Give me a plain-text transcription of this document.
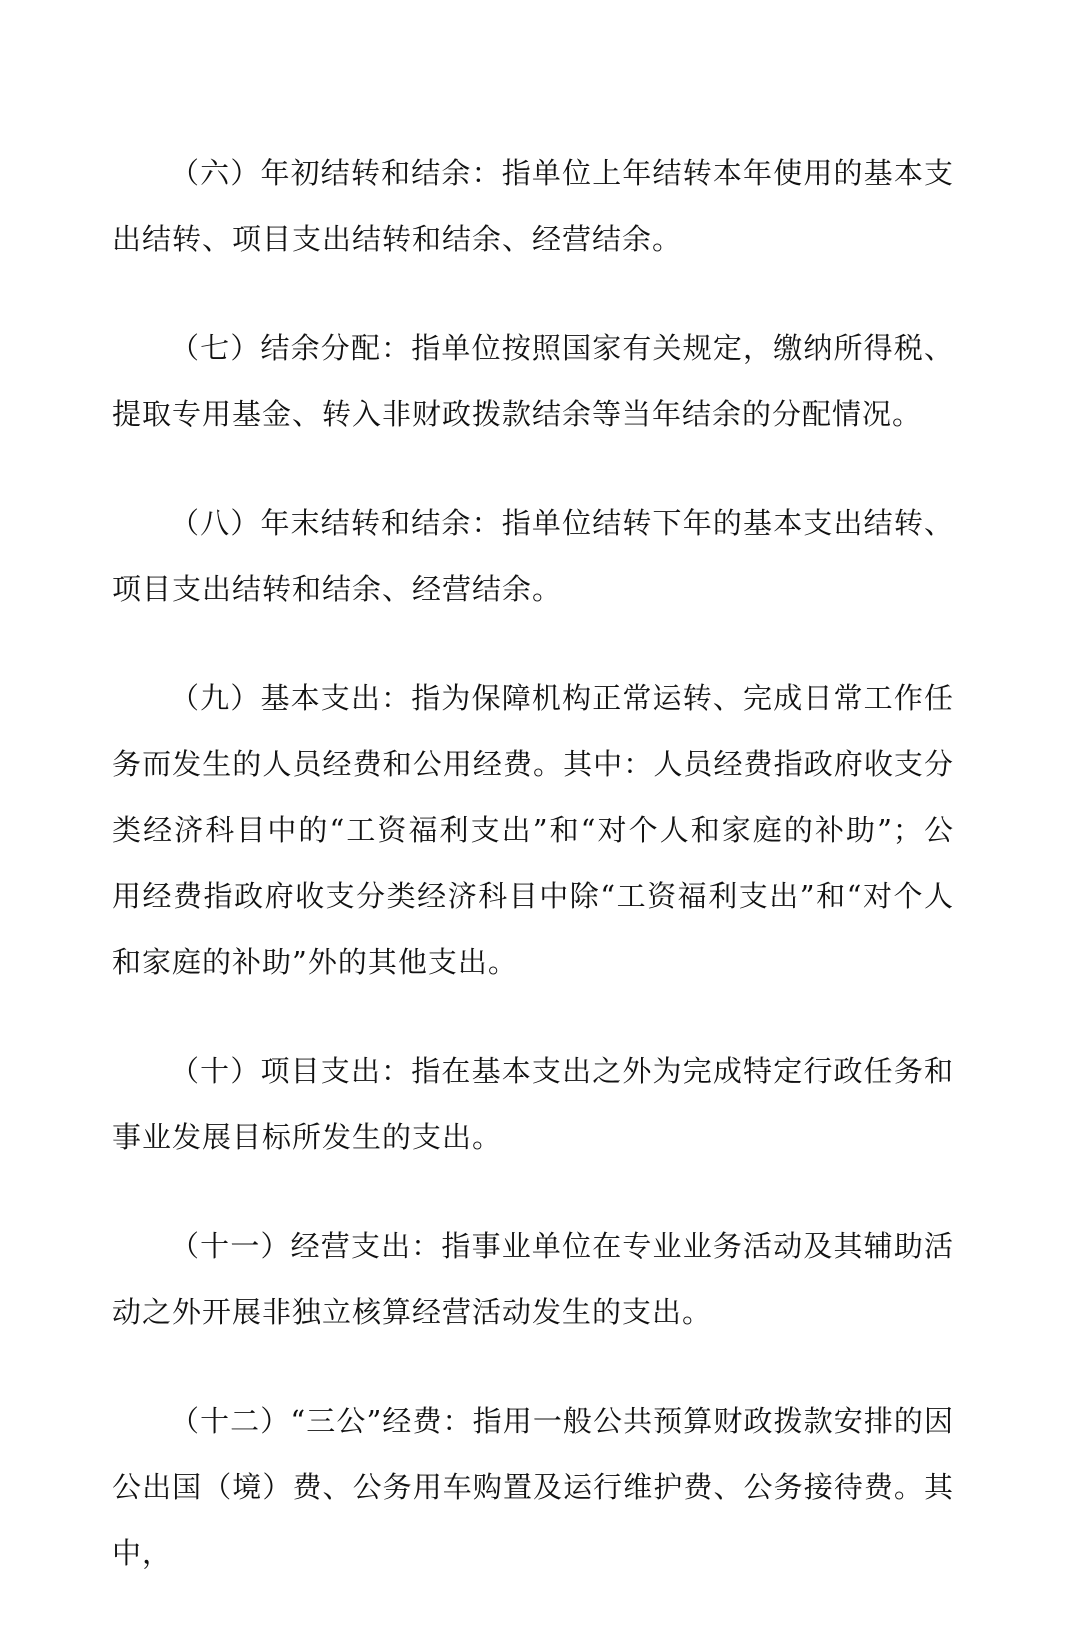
（六）年初结转和结余：指单位上年结转本年使用的基本支出结转、项目支出结转和结余、经营结余。

（七）结余分配：指单位按照国家有关规定，缴纳所得税、提取专用基金、转入非财政拨款结余等当年结余的分配情况。

（八）年末结转和结余：指单位结转下年的基本支出结转、项目支出结转和结余、经营结余。

（九）基本支出：指为保障机构正常运转、完成日常工作任务而发生的人员经费和公用经费。其中：人员经费指政府收支分类经济科目中的“工资福利支出”和“对个人和家庭的补助”；公用经费指政府收支分类经济科目中除“工资福利支出”和“对个人和家庭的补助”外的其他支出。

（十）项目支出：指在基本支出之外为完成特定行政任务和事业发展目标所发生的支出。

（十一）经营支出：指事业单位在专业业务活动及其辅助活动之外开展非独立核算经营活动发生的支出。

（十二）“三公”经费：指用一般公共预算财政拨款安排的因公出国（境）费、公务用车购置及运行维护费、公务接待费。其中，
